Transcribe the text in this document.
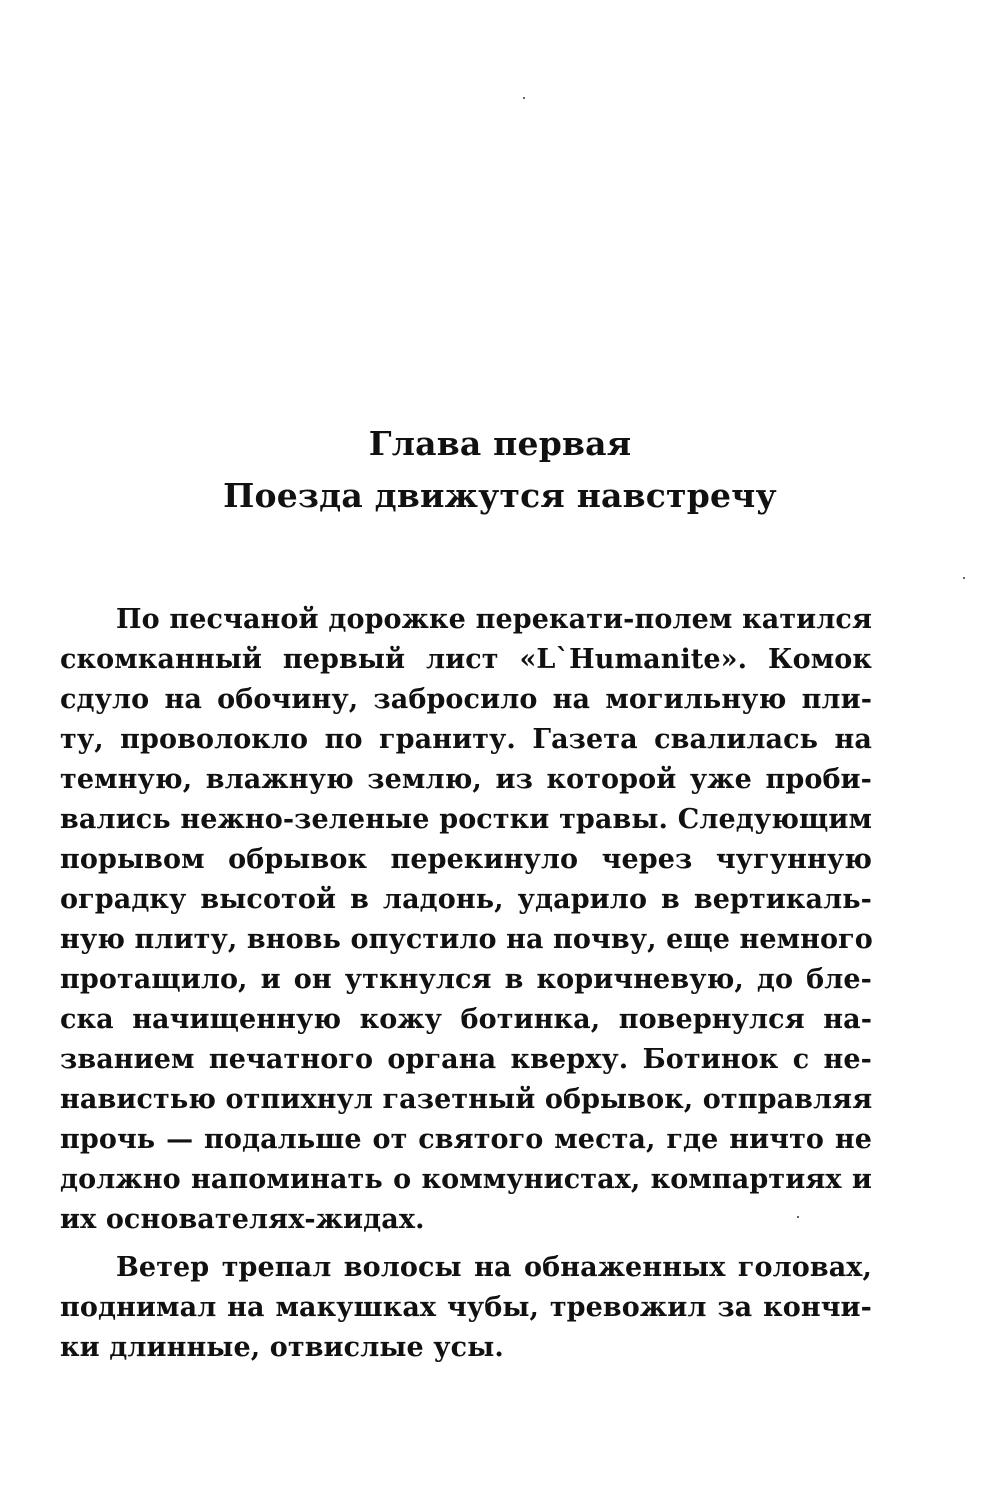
Глава первая
Поезда движутся навстречу
По песчаной дорожке перекати-полем катился
скомканный первый лист «L`Humanite». Комок
сдуло на обочину, забросило на могильную пли-
ту, проволокло по граниту. Газета свалилась на
темную, влажную землю, из которой уже проби-
вались нежно-зеленые ростки травы. Следующим
порывом обрывок перекинуло через чугунную
оградку высотой в ладонь, ударило в вертикаль-
ную плиту, вновь опустило на почву, еще немного
протащило, и он уткнулся в коричневую, до бле-
ска начищенную кожу ботинка, повернулся на-
званием печатного органа кверху. Ботинок с не-
навистью отпихнул газетный обрывок, отправляя
прочь — подальше от святого места, где ничто не
должно напоминать о коммунистах, компартиях и
их основателях-жидах.
Ветер трепал волосы на обнаженных головах,
поднимал на макушках чубы, тревожил за кончи-
ки длинные, отвислые усы.
